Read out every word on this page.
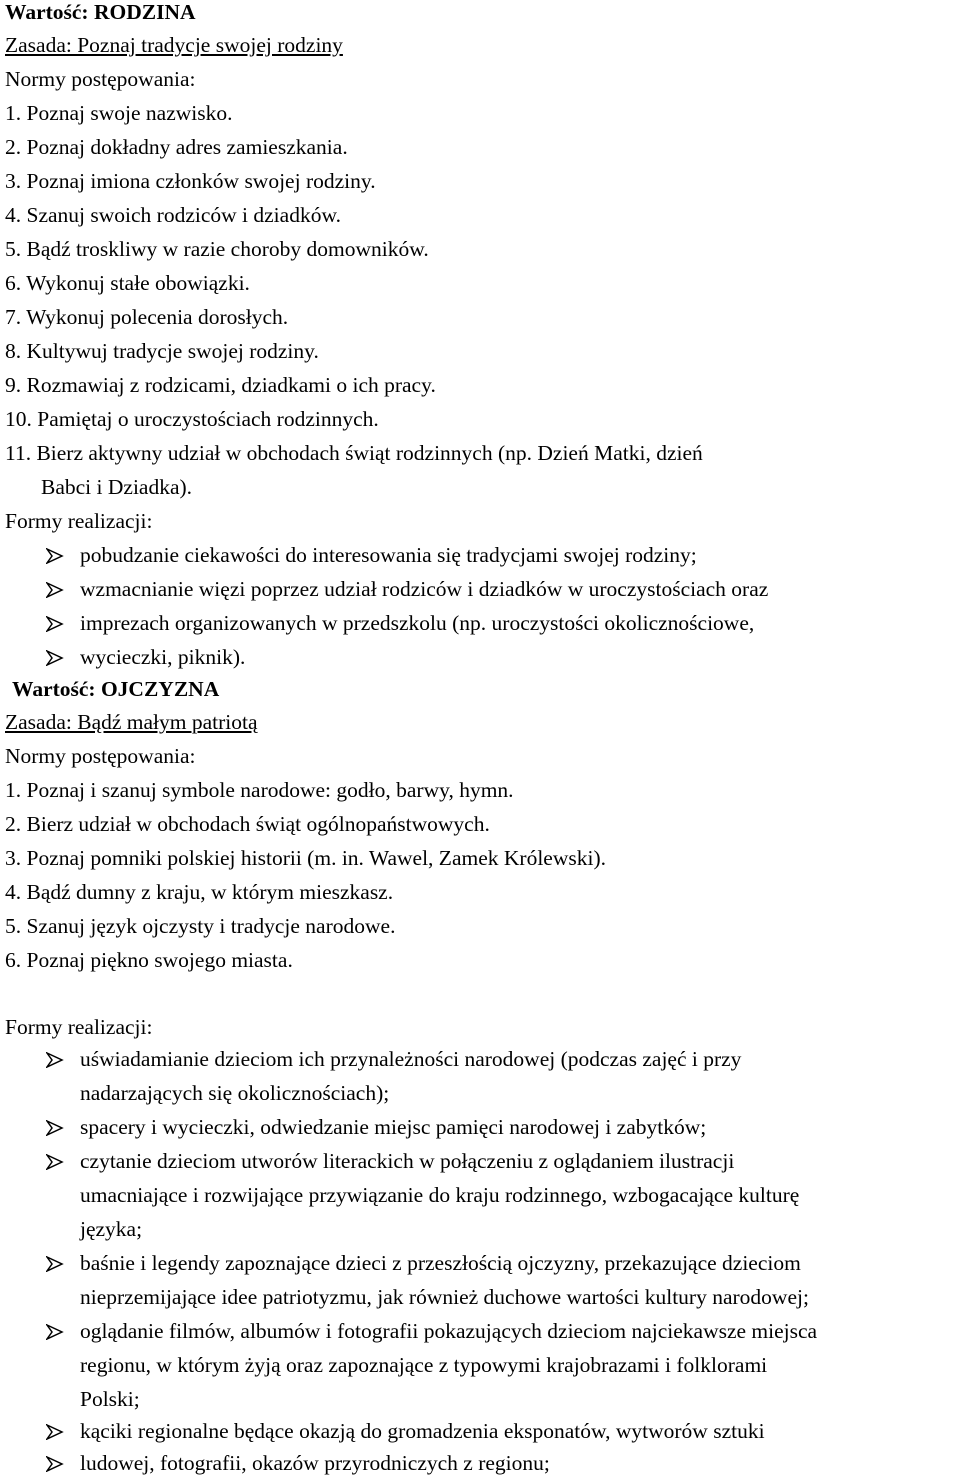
Wartość: RODZINA
Zasada: Poznaj tradycje swojej rodziny
Normy postępowania:
1. Poznaj swoje nazwisko.
2. Poznaj dokładny adres zamieszkania.
3. Poznaj imiona członków swojej rodziny.
4. Szanuj swoich rodziców i dziadków.
5. Bądź troskliwy w razie choroby domowników.
6. Wykonuj stałe obowiązki.
7. Wykonuj polecenia dorosłych.
8. Kultywuj tradycje swojej rodziny.
9. Rozmawiaj z rodzicami, dziadkami o ich pracy.
10. Pamiętaj o uroczystościach rodzinnych.
11. Bierz aktywny udział w obchodach świąt rodzinnych (np. Dzień Matki, dzień
Babci i Dziadka).
Formy realizacji:
pobudzanie ciekawości do interesowania się tradycjami swojej rodziny;
wzmacnianie więzi poprzez udział rodziców i dziadków w uroczystościach oraz
imprezach organizowanych w przedszkolu (np. uroczystości okolicznościowe,
wycieczki, piknik).
Wartość: OJCZYZNA
Zasada: Bądź małym patriotą
Normy postępowania:
1. Poznaj i szanuj symbole narodowe: godło, barwy, hymn.
2. Bierz udział w obchodach świąt ogólnopaństwowych.
3. Poznaj pomniki polskiej historii (m. in. Wawel, Zamek Królewski).
4. Bądź dumny z kraju, w którym mieszkasz.
5. Szanuj język ojczysty i tradycje narodowe.
6. Poznaj piękno swojego miasta.
Formy realizacji:
uświadamianie dzieciom ich przynależności narodowej (podczas zajęć i przy
nadarzających się okolicznościach);
spacery i wycieczki, odwiedzanie miejsc pamięci narodowej i zabytków;
czytanie dzieciom utworów literackich w połączeniu z oglądaniem ilustracji
umacniające i rozwijające przywiązanie do kraju rodzinnego, wzbogacające kulturę
języka;
baśnie i legendy zapoznające dzieci z przeszłością ojczyzny, przekazujące dzieciom
nieprzemijające idee patriotyzmu, jak również duchowe wartości kultury narodowej;
oglądanie filmów, albumów i fotografii pokazujących dzieciom najciekawsze miejsca
regionu, w którym żyją oraz zapoznające z typowymi krajobrazami i folklorami
Polski;
kąciki regionalne będące okazją do gromadzenia eksponatów, wytworów sztuki
ludowej, fotografii, okazów przyrodniczych z regionu;
